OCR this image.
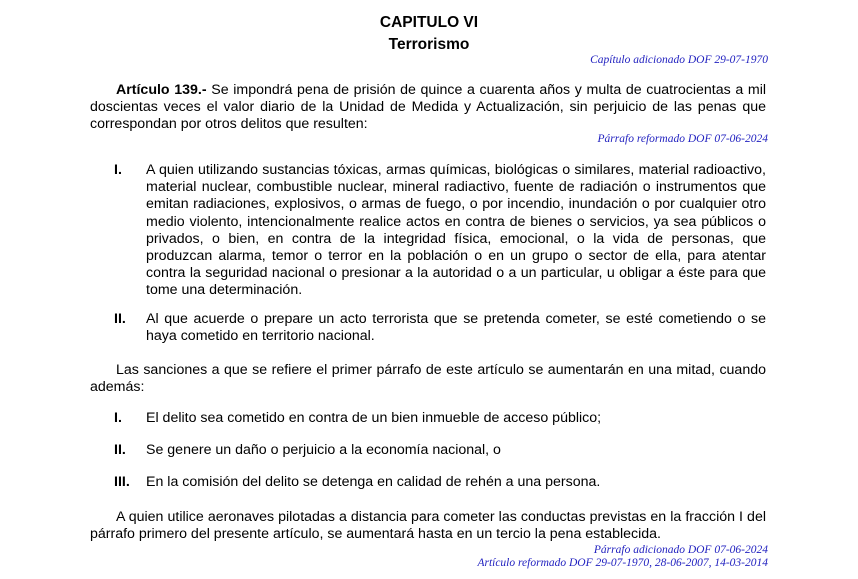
CAPITULO VI
Terrorismo
Capítulo adicionado DOF 29-07-1970
Artículo 139.- Se impondrá pena de prisión de quince a cuarenta años y multa de cuatrocientas a mil doscientas veces el valor diario de la Unidad de Medida y Actualización, sin perjuicio de las penas que correspondan por otros delitos que resulten:
Párrafo reformado DOF 07-06-2024
I.	A quien utilizando sustancias tóxicas, armas químicas, biológicas o similares, material radioactivo, material nuclear, combustible nuclear, mineral radiactivo, fuente de radiación o instrumentos que emitan radiaciones, explosivos, o armas de fuego, o por incendio, inundación o por cualquier otro medio violento, intencionalmente realice actos en contra de bienes o servicios, ya sea públicos o privados, o bien, en contra de la integridad física, emocional, o la vida de personas, que produzcan alarma, temor o terror en la población o en un grupo o sector de ella, para atentar contra la seguridad nacional o presionar a la autoridad o a un particular, u obligar a éste para que tome una determinación.
II.	Al que acuerde o prepare un acto terrorista que se pretenda cometer, se esté cometiendo o se haya cometido en territorio nacional.
Las sanciones a que se refiere el primer párrafo de este artículo se aumentarán en una mitad, cuando además:
I.	El delito sea cometido en contra de un bien inmueble de acceso público;
II.	Se genere un daño o perjuicio a la economía nacional, o
III.	En la comisión del delito se detenga en calidad de rehén a una persona.
A quien utilice aeronaves pilotadas a distancia para cometer las conductas previstas en la fracción I del párrafo primero del presente artículo, se aumentará hasta en un tercio la pena establecida.
Párrafo adicionado DOF 07-06-2024
Artículo reformado DOF 29-07-1970, 28-06-2007, 14-03-2014
